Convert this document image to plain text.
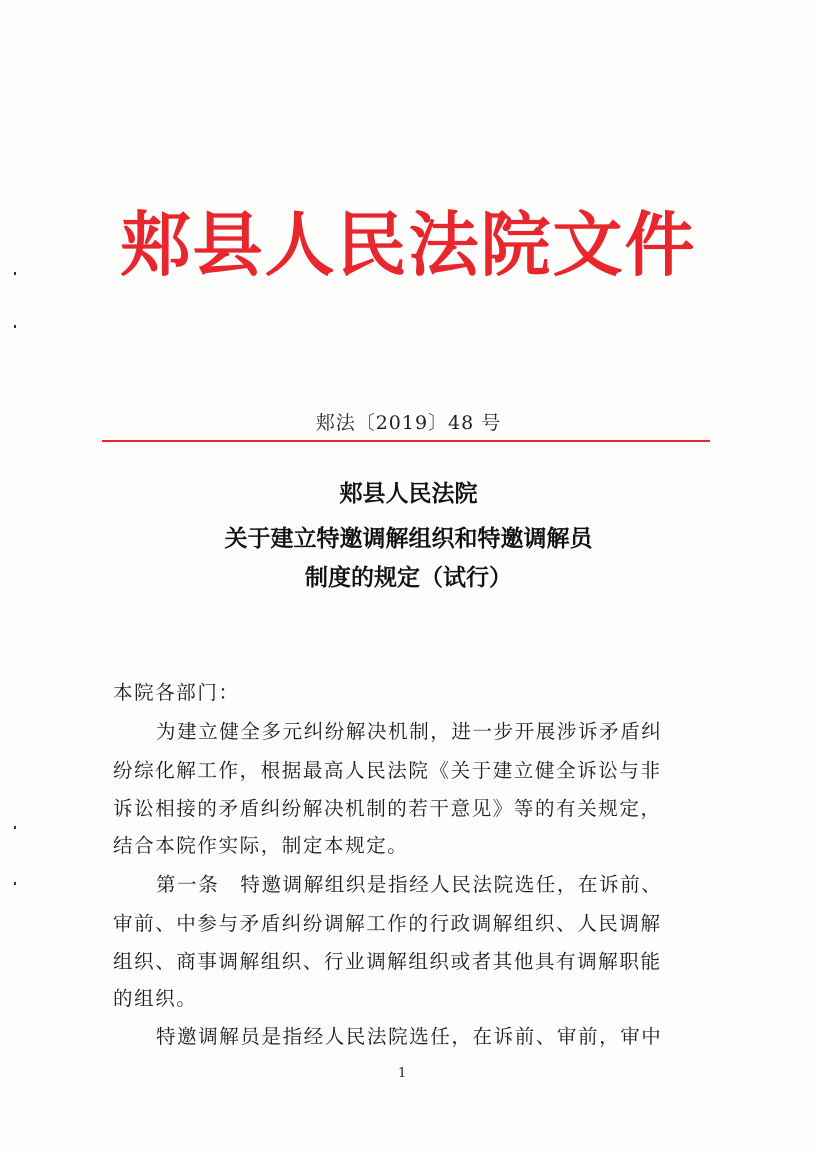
郏县人民法院文件
郏法〔2019〕48 号
郏县人民法院
关于建立特邀调解组织和特邀调解员
制度的规定（试行）
本院各部门：
为建立健全多元纠纷解决机制，进一步开展涉诉矛盾纠
纷综化解工作，根据最高人民法院《关于建立健全诉讼与非
诉讼相接的矛盾纠纷解决机制的若干意见》等的有关规定，
结合本院作实际，制定本规定。
第一条　特邀调解组织是指经人民法院选任，在诉前、
审前、中参与矛盾纠纷调解工作的行政调解组织、人民调解
组织、商事调解组织、行业调解组织或者其他具有调解职能
的组织。
特邀调解员是指经人民法院选任，在诉前、审前，审中
1
